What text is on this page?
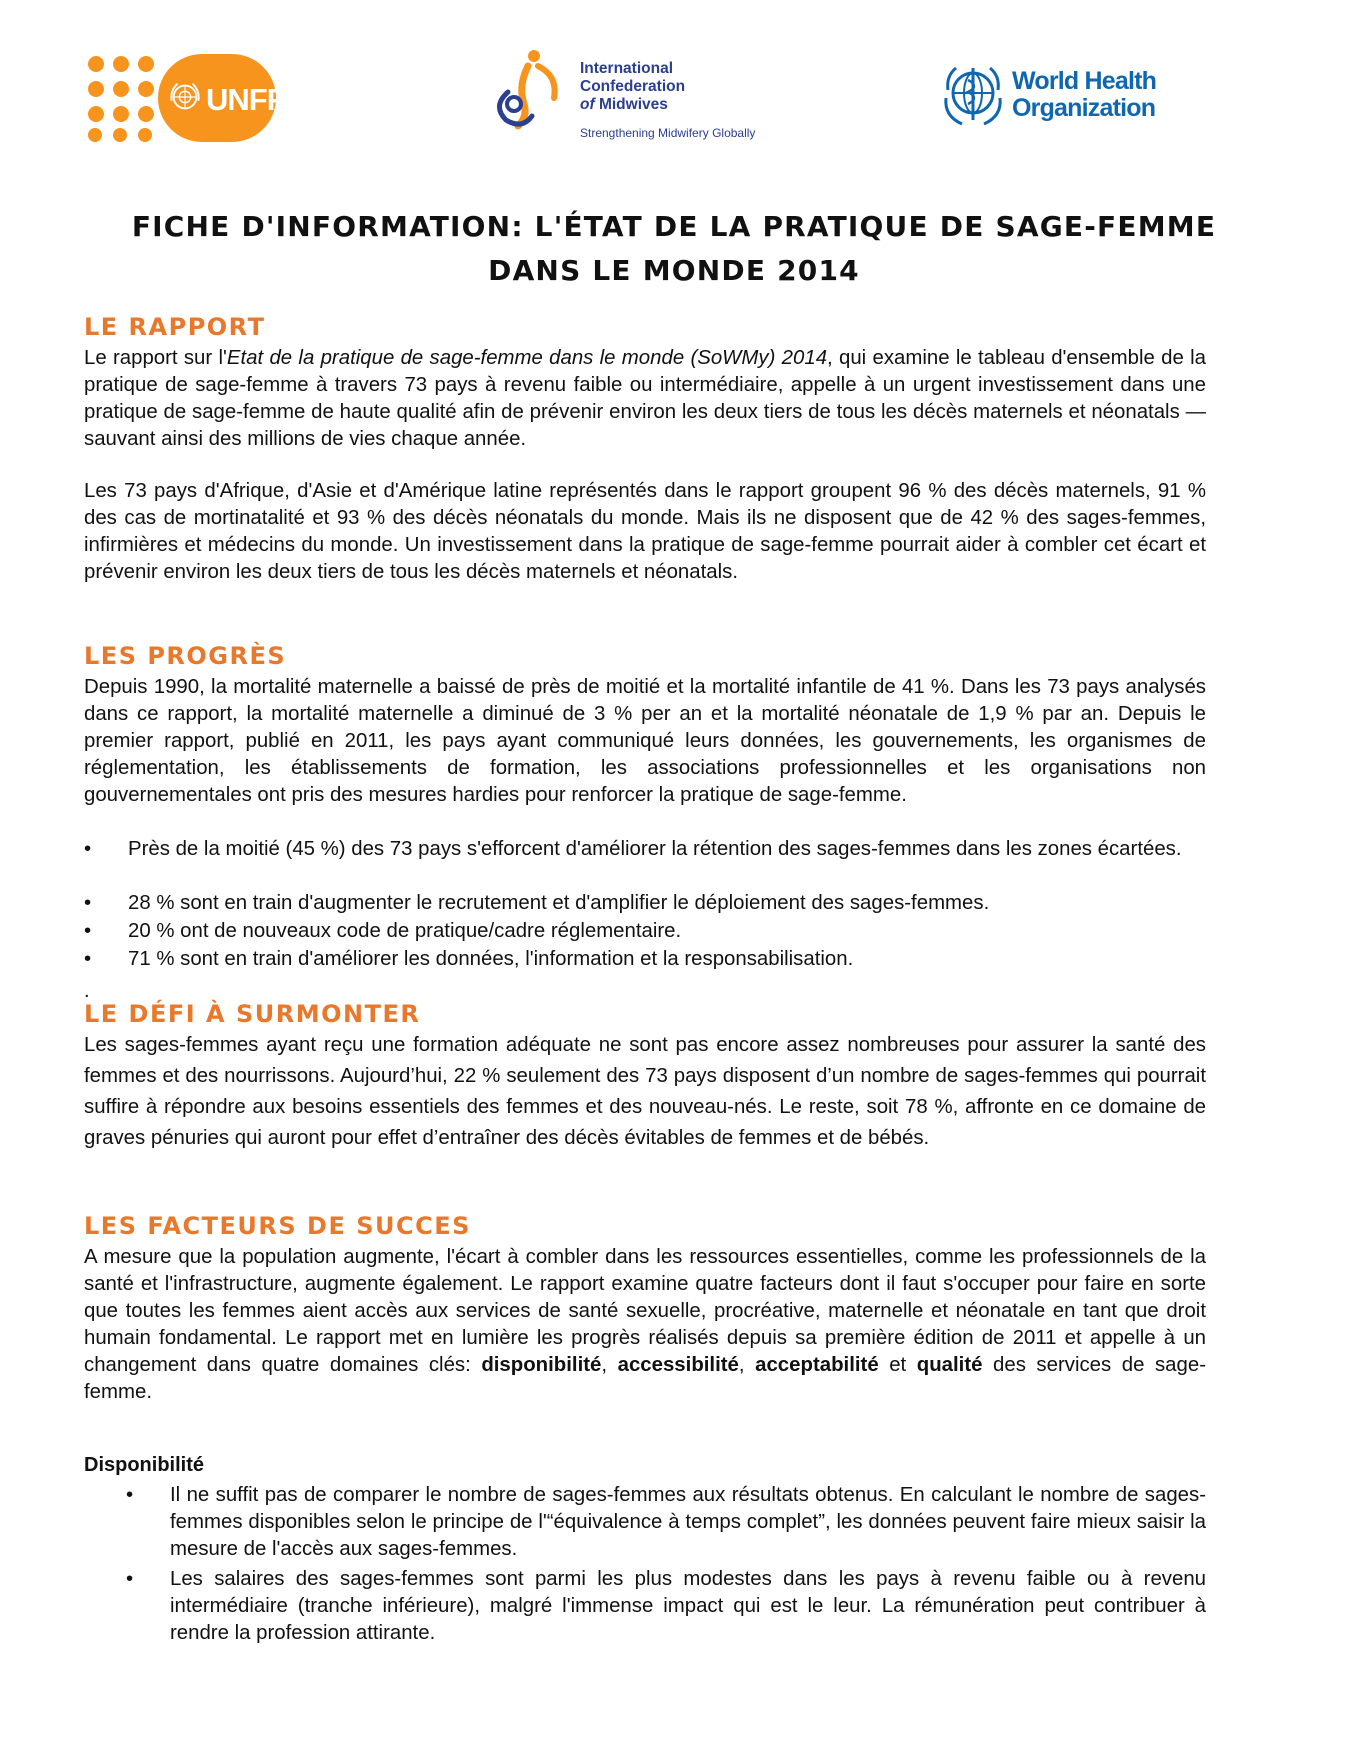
UNFPA
International
Confederation
of Midwives
Strengthening Midwifery Globally
World Health
Organization
FICHE D'INFORMATION: L'ÉTAT DE LA PRATIQUE DE SAGE-FEMME
DANS LE MONDE 2014
LE RAPPORT
Le rapport sur l'Etat de la pratique de sage-femme dans le monde (SoWMy) 2014, qui examine le tableau d'ensemble de la pratique de sage-femme à travers 73 pays à revenu faible ou intermédiaire, appelle à un urgent investissement dans une pratique de sage-femme de haute qualité afin de prévenir environ les deux tiers de tous les décès maternels et néonatals — sauvant ainsi des millions de vies chaque année.
Les 73 pays d'Afrique, d'Asie et d'Amérique latine représentés dans le rapport groupent 96 % des décès maternels, 91 % des cas de mortinatalité et 93 % des décès néonatals du monde. Mais ils ne disposent que de 42 % des sages-femmes, infirmières et médecins du monde. Un investissement dans la pratique de sage-femme pourrait aider à combler cet écart et prévenir environ les deux tiers de tous les décès maternels et néonatals.
LES PROGRÈS
Depuis 1990, la mortalité maternelle a baissé de près de moitié et la mortalité infantile de 41 %. Dans les 73 pays analysés dans ce rapport, la mortalité maternelle a diminué de 3 % per an et la mortalité néonatale de 1,9 % par an. Depuis le premier rapport, publié en 2011, les pays ayant communiqué leurs données, les gouvernements, les organismes de réglementation, les établissements de formation, les associations professionnelles et les organisations non gouvernementales ont pris des mesures hardies pour renforcer la pratique de sage-femme.
•	Près de la moitié (45 %) des 73 pays s'efforcent d'améliorer la rétention des sages-femmes dans les zones écartées.
•	28 % sont en train d'augmenter le recrutement et d'amplifier le déploiement des sages-femmes.
•	20 % ont de nouveaux code de pratique/cadre réglementaire.
•	71 % sont en train d'améliorer les données, l'information et la responsabilisation.
.
LE DÉFI À SURMONTER
Les sages-femmes ayant reçu une formation adéquate ne sont pas encore assez nombreuses pour assurer la santé des femmes et des nourrissons. Aujourd’hui, 22 % seulement des 73 pays disposent d’un nombre de sages-femmes qui pourrait suffire à répondre aux besoins essentiels des femmes et des nouveau-nés. Le reste, soit 78 %, affronte en ce domaine de graves pénuries qui auront pour effet d’entraîner des décès évitables de femmes et de bébés.
LES FACTEURS DE SUCCES
A mesure que la population augmente, l'écart à combler dans les ressources essentielles, comme les professionnels de la santé et l'infrastructure, augmente également. Le rapport examine quatre facteurs dont il faut s'occuper pour faire en sorte que toutes les femmes aient accès aux services de santé sexuelle, procréative, maternelle et néonatale en tant que droit humain fondamental. Le rapport met en lumière les progrès réalisés depuis sa première édition de 2011 et appelle à un changement dans quatre domaines clés: disponibilité, accessibilité, acceptabilité et qualité des services de sage-femme.
Disponibilité
• Il ne suffit pas de comparer le nombre de sages-femmes aux résultats obtenus. En calculant le nombre de sages-femmes disponibles selon le principe de l'“équivalence à temps complet”, les données peuvent faire mieux saisir la mesure de l'accès aux sages-femmes.
• Les salaires des sages-femmes sont parmi les plus modestes dans les pays à revenu faible ou à revenu intermédiaire (tranche inférieure), malgré l'immense impact qui est le leur. La rémunération peut contribuer à rendre la profession attirante.
